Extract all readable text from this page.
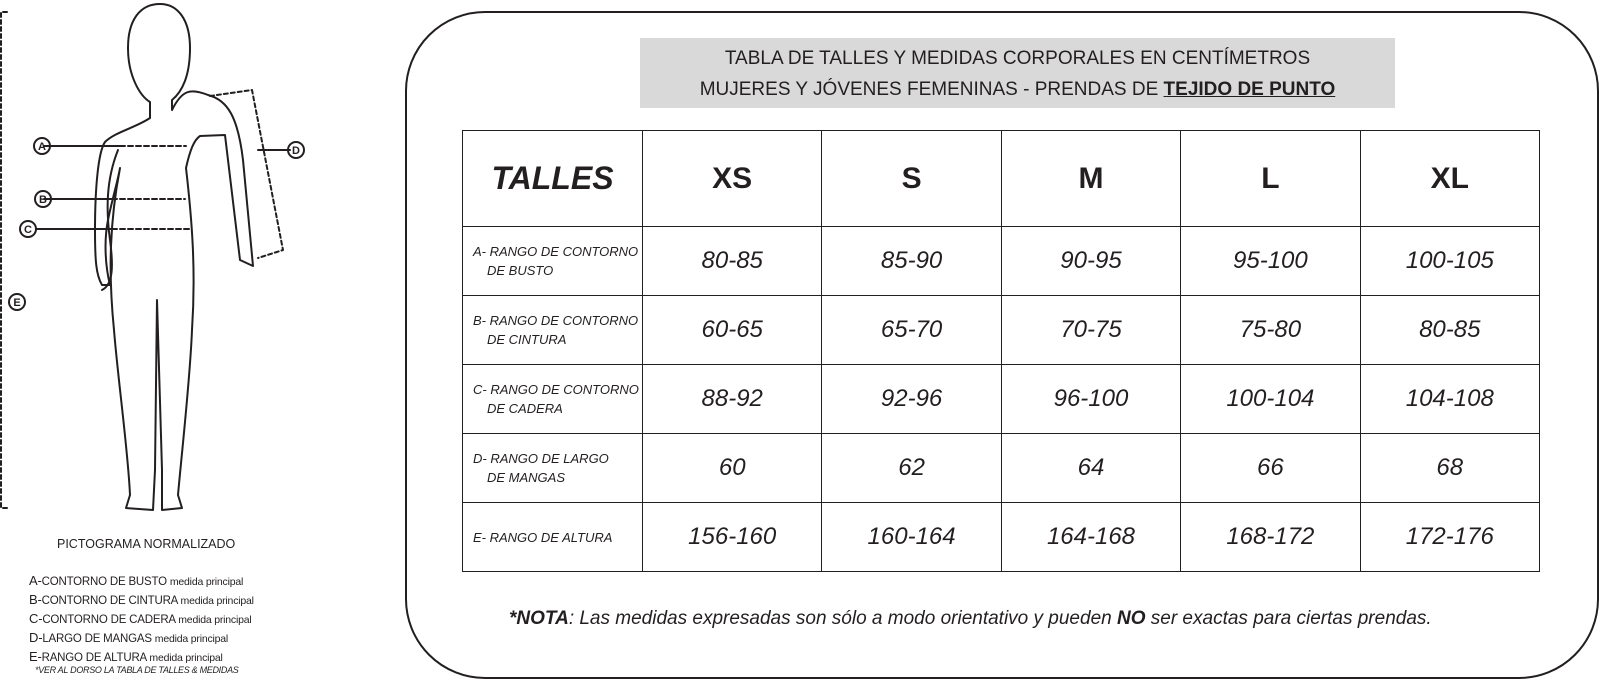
A
B
C
D
E
PICTOGRAMA NORMALIZADO
A-CONTORNO DE BUSTO medida principal
B-CONTORNO DE CINTURA medida principal
C-CONTORNO DE CADERA medida principal
D-LARGO DE MANGAS medida principal
E-RANGO DE ALTURA medida principal
*VER AL DORSO LA TABLA DE TALLES & MEDIDAS
TABLA DE TALLES Y MEDIDAS CORPORALES EN CENTÍMETROS
MUJERES Y JÓVENES FEMENINAS - PRENDAS DE TEJIDO DE PUNTO
TALLES	XS	S	M	L	XL

A- RANGO DE CONTORNO
DE BUSTO	80-85	85-90	90-95	95-100	100-105

B- RANGO DE CONTORNO
DE CINTURA	60-65	65-70	70-75	75-80	80-85

C- RANGO DE CONTORNO
DE CADERA	88-92	92-96	96-100	100-104	104-108

D- RANGO DE LARGO
DE MANGAS	60	62	64	66	68

E- RANGO DE ALTURA	156-160	160-164	164-168	168-172	172-176
*NOTA: Las medidas expresadas son sólo a modo orientativo y pueden NO ser exactas para ciertas prendas.
